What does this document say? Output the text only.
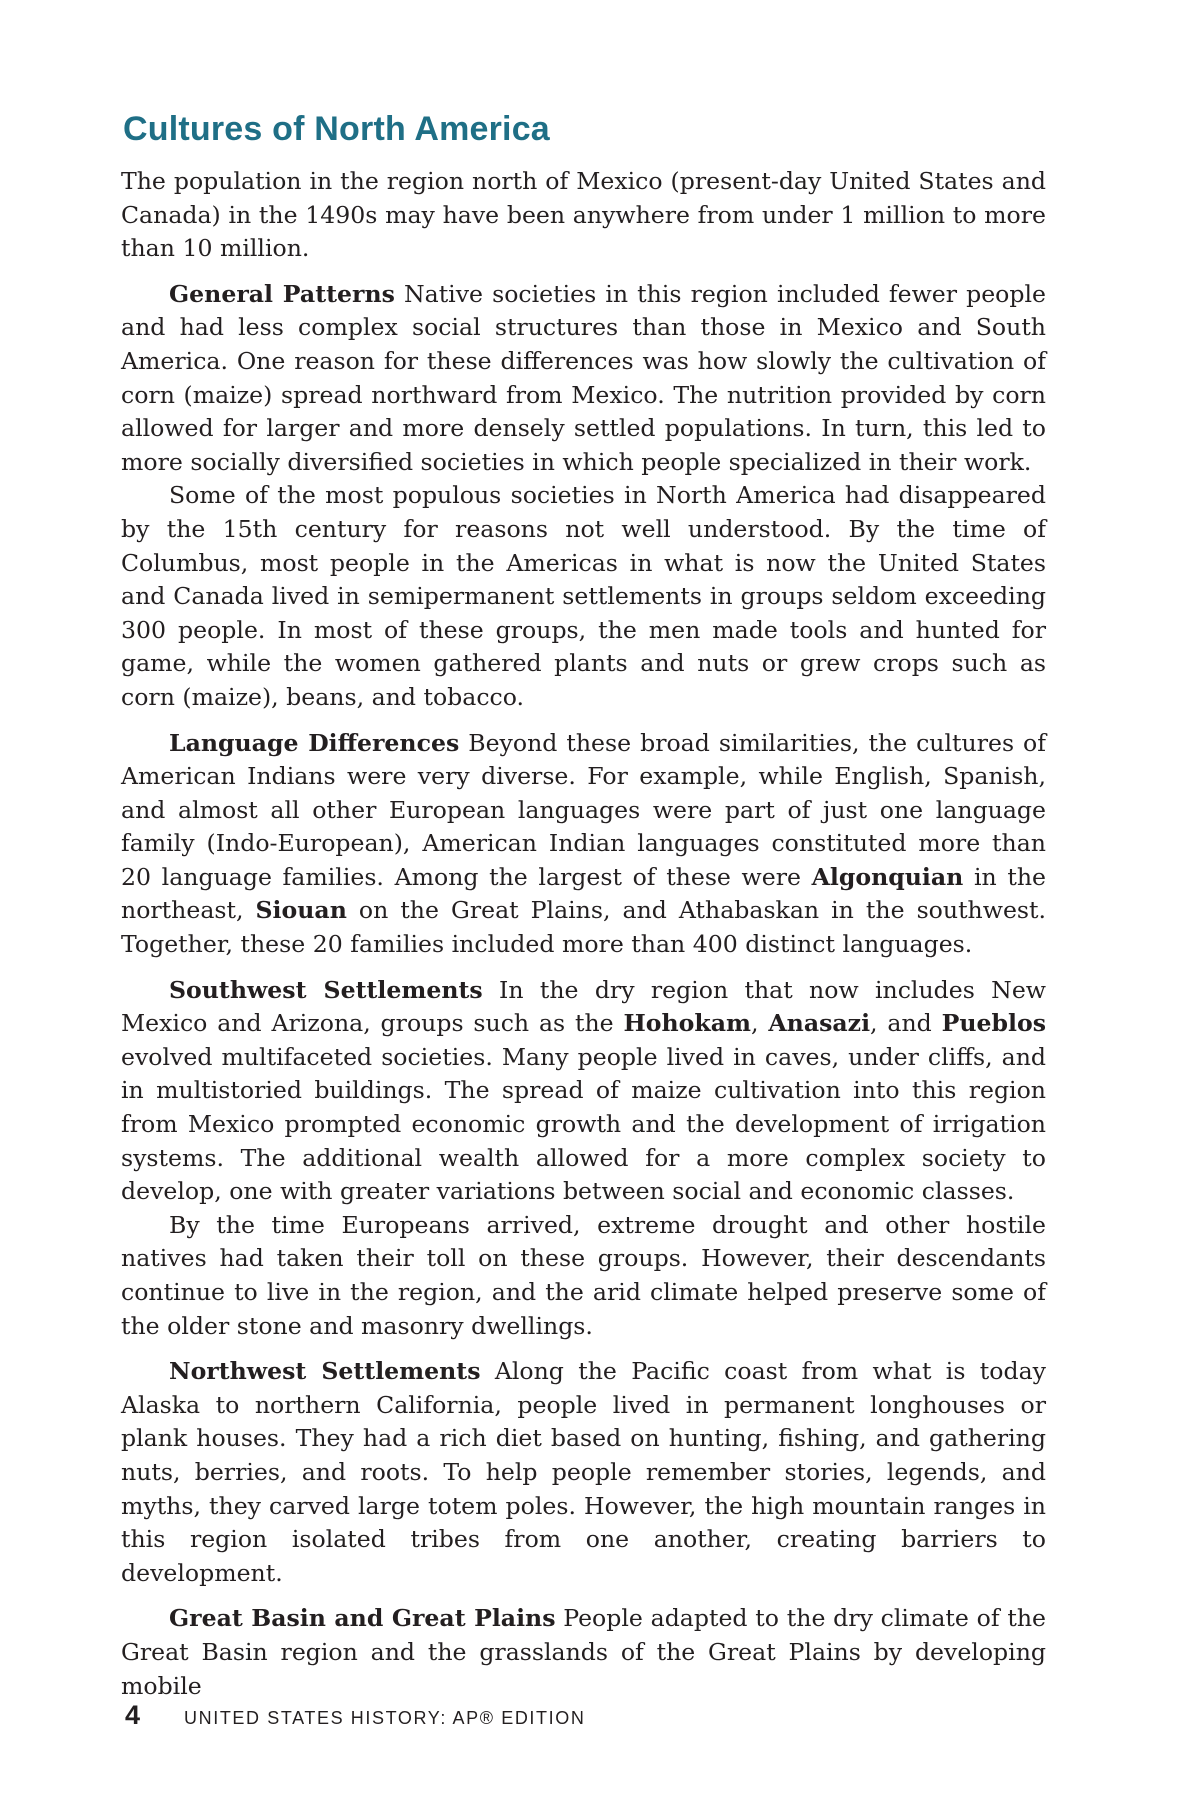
Cultures of North America

The population in the region north of Mexico (present-day United States and Canada) in the 1490s may have been anywhere from under 1 million to more than 10 million.

General Patterns Native societies in this region included fewer people and had less complex social structures than those in Mexico and South America. One reason for these differences was how slowly the cultivation of corn (maize) spread northward from Mexico. The nutrition provided by corn allowed for larger and more densely settled populations. In turn, this led to more socially diversified societies in which people specialized in their work.

Some of the most populous societies in North America had disappeared by the 15th century for reasons not well understood. By the time of Columbus, most people in the Americas in what is now the United States and Canada lived in semipermanent settlements in groups seldom exceeding 300 people. In most of these groups, the men made tools and hunted for game, while the women gathered plants and nuts or grew crops such as corn (maize), beans, and tobacco.

Language Differences Beyond these broad similarities, the cultures of American Indians were very diverse. For example, while English, Spanish, and almost all other European languages were part of just one language family (Indo-European), American Indian languages constituted more than 20 language families. Among the largest of these were Algonquian in the northeast, Siouan on the Great Plains, and Athabaskan in the southwest. Together, these 20 families included more than 400 distinct languages.

Southwest Settlements In the dry region that now includes New Mexico and Arizona, groups such as the Hohokam, Anasazi, and Pueblos evolved multifaceted societies. Many people lived in caves, under cliffs, and in multistoried buildings. The spread of maize cultivation into this region from Mexico prompted economic growth and the development of irrigation systems. The additional wealth allowed for a more complex society to develop, one with greater variations between social and economic classes.

By the time Europeans arrived, extreme drought and other hostile natives had taken their toll on these groups. However, their descendants continue to live in the region, and the arid climate helped preserve some of the older stone and masonry dwellings.

Northwest Settlements Along the Pacific coast from what is today Alaska to northern California, people lived in permanent longhouses or plank houses. They had a rich diet based on hunting, fishing, and gathering nuts, berries, and roots. To help people remember stories, legends, and myths, they carved large totem poles. However, the high mountain ranges in this region isolated tribes from one another, creating barriers to development.

Great Basin and Great Plains People adapted to the dry climate of the Great Basin region and the grasslands of the Great Plains by developing mobile

4 UNITED STATES HISTORY: AP® EDITION
